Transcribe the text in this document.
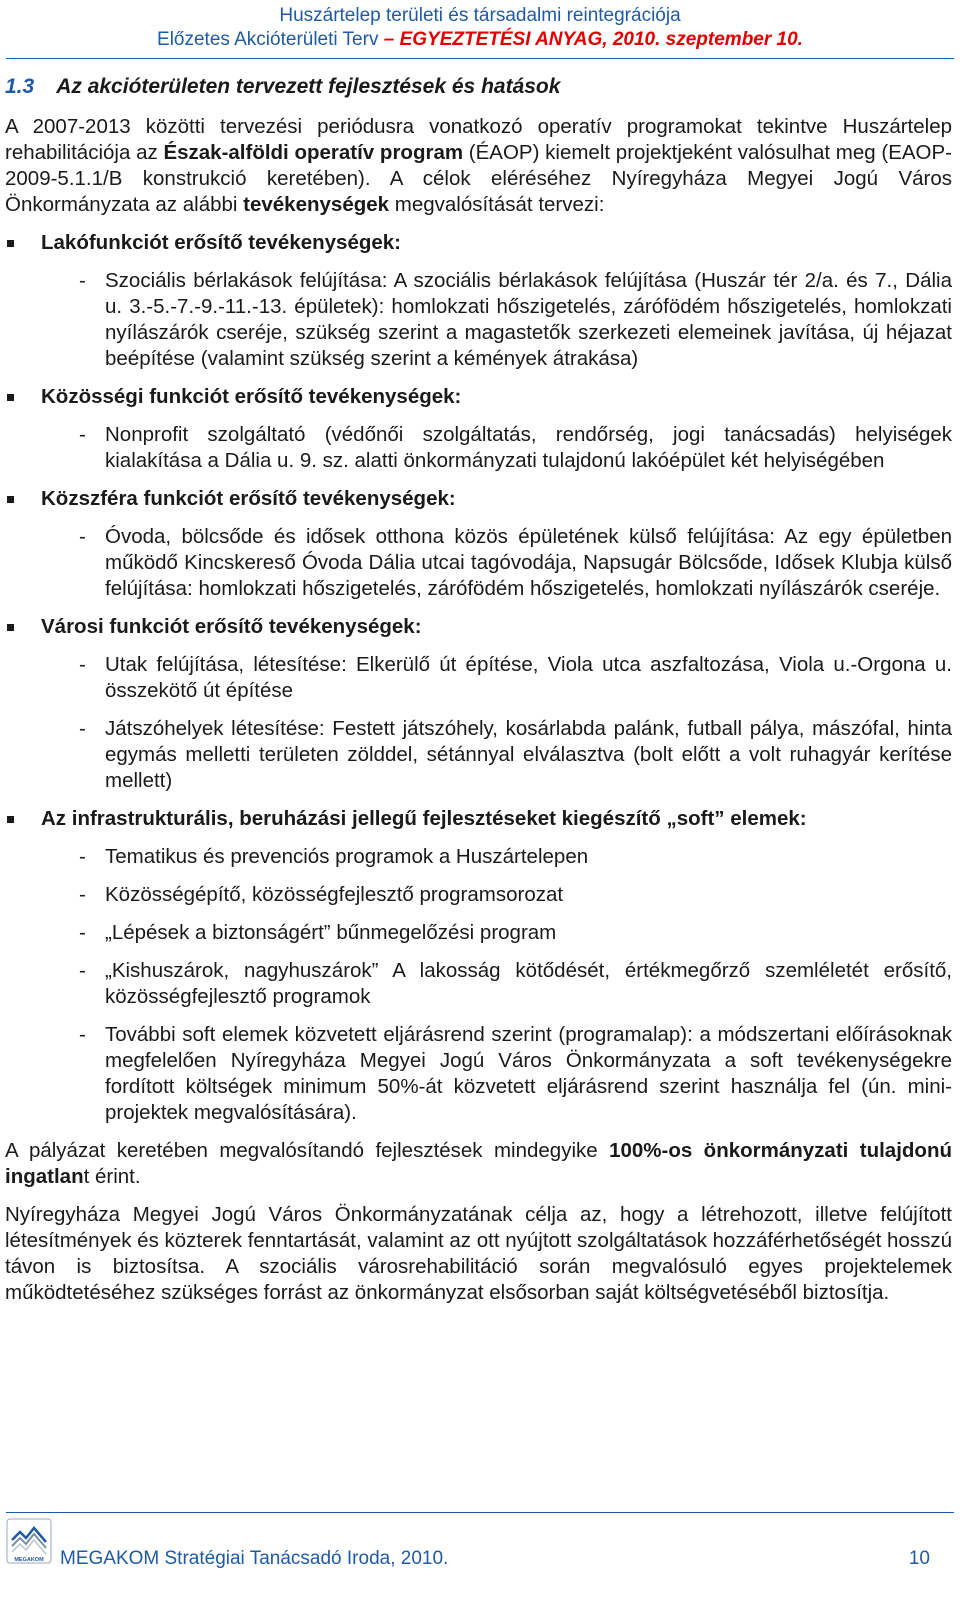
Huszártelep területi és társadalmi reintegrációja
Előzetes Akcióterületi Terv – EGYEZTETÉSI ANYAG, 2010. szeptember 10.
1.3 Az akcióterületen tervezett fejlesztések és hatások
A 2007-2013 közötti tervezési periódusra vonatkozó operatív programokat tekintve Huszártelep rehabilitációja az Észak-alföldi operatív program (ÉAOP) kiemelt projektjeként valósulhat meg (EAOP-2009-5.1.1/B konstrukció keretében). A célok eléréséhez Nyíregyháza Megyei Jogú Város Önkormányzata az alábbi tevékenységek megvalósítását tervezi:
Lakófunkciót erősítő tevékenységek:
- Szociális bérlakások felújítása: A szociális bérlakások felújítása (Huszár tér 2/a. és 7., Dália u. 3.-5.-7.-9.-11.-13. épületek): homlokzati hőszigetelés, zárófödém hőszigetelés, homlokzati nyílászárók cseréje, szükség szerint a magastetők szerkezeti elemeinek javítása, új héjazat beépítése (valamint szükség szerint a kémények átrakása)
Közösségi funkciót erősítő tevékenységek:
- Nonprofit szolgáltató (védőnői szolgáltatás, rendőrség, jogi tanácsadás) helyiségek kialakítása a Dália u. 9. sz. alatti önkormányzati tulajdonú lakóépület két helyiségében
Közszféra funkciót erősítő tevékenységek:
- Óvoda, bölcsőde és idősek otthona közös épületének külső felújítása: Az egy épületben működő Kincskereső Óvoda Dália utcai tagóvodája, Napsugár Bölcsőde, Idősek Klubja külső felújítása: homlokzati hőszigetelés, zárófödém hőszigetelés, homlokzati nyílászárók cseréje.
Városi funkciót erősítő tevékenységek:
- Utak felújítása, létesítése: Elkerülő út építése, Viola utca aszfaltozása, Viola u.-Orgona u. összekötő út építése
- Játszóhelyek létesítése: Festett játszóhely, kosárlabda palánk, futball pálya, mászófal, hinta egymás melletti területen zölddel, sétánnyal elválasztva (bolt előtt a volt ruhagyár kerítése mellett)
Az infrastrukturális, beruházási jellegű fejlesztéseket kiegészítő „soft” elemek:
- Tematikus és prevenciós programok a Huszártelepen
- Közösségépítő, közösségfejlesztő programsorozat
- „Lépések a biztonságért” bűnmegelőzési program
- „Kishuszárok, nagyhuszárok” A lakosság kötődését, értékmegőrző szemléletét erősítő, közösségfejlesztő programok
- További soft elemek közvetett eljárásrend szerint (programalap): a módszertani előírásoknak megfelelően Nyíregyháza Megyei Jogú Város Önkormányzata a soft tevékenységekre fordított költségek minimum 50%-át közvetett eljárásrend szerint használja fel (ún. mini-projektek megvalósítására).
A pályázat keretében megvalósítandó fejlesztések mindegyike 100%-os önkormányzati tulajdonú ingatlant érint.
Nyíregyháza Megyei Jogú Város Önkormányzatának célja az, hogy a létrehozott, illetve felújított létesítmények és közterek fenntartását, valamint az ott nyújtott szolgáltatások hozzáférhetőségét hosszú távon is biztosítsa. A szociális városrehabilitáció során megvalósuló egyes projektelemek működtetéséhez szükséges forrást az önkormányzat elsősorban saját költségvetéséből biztosítja.
MEGAKOM MEGAKOM Stratégiai Tanácsadó Iroda, 2010.	10
